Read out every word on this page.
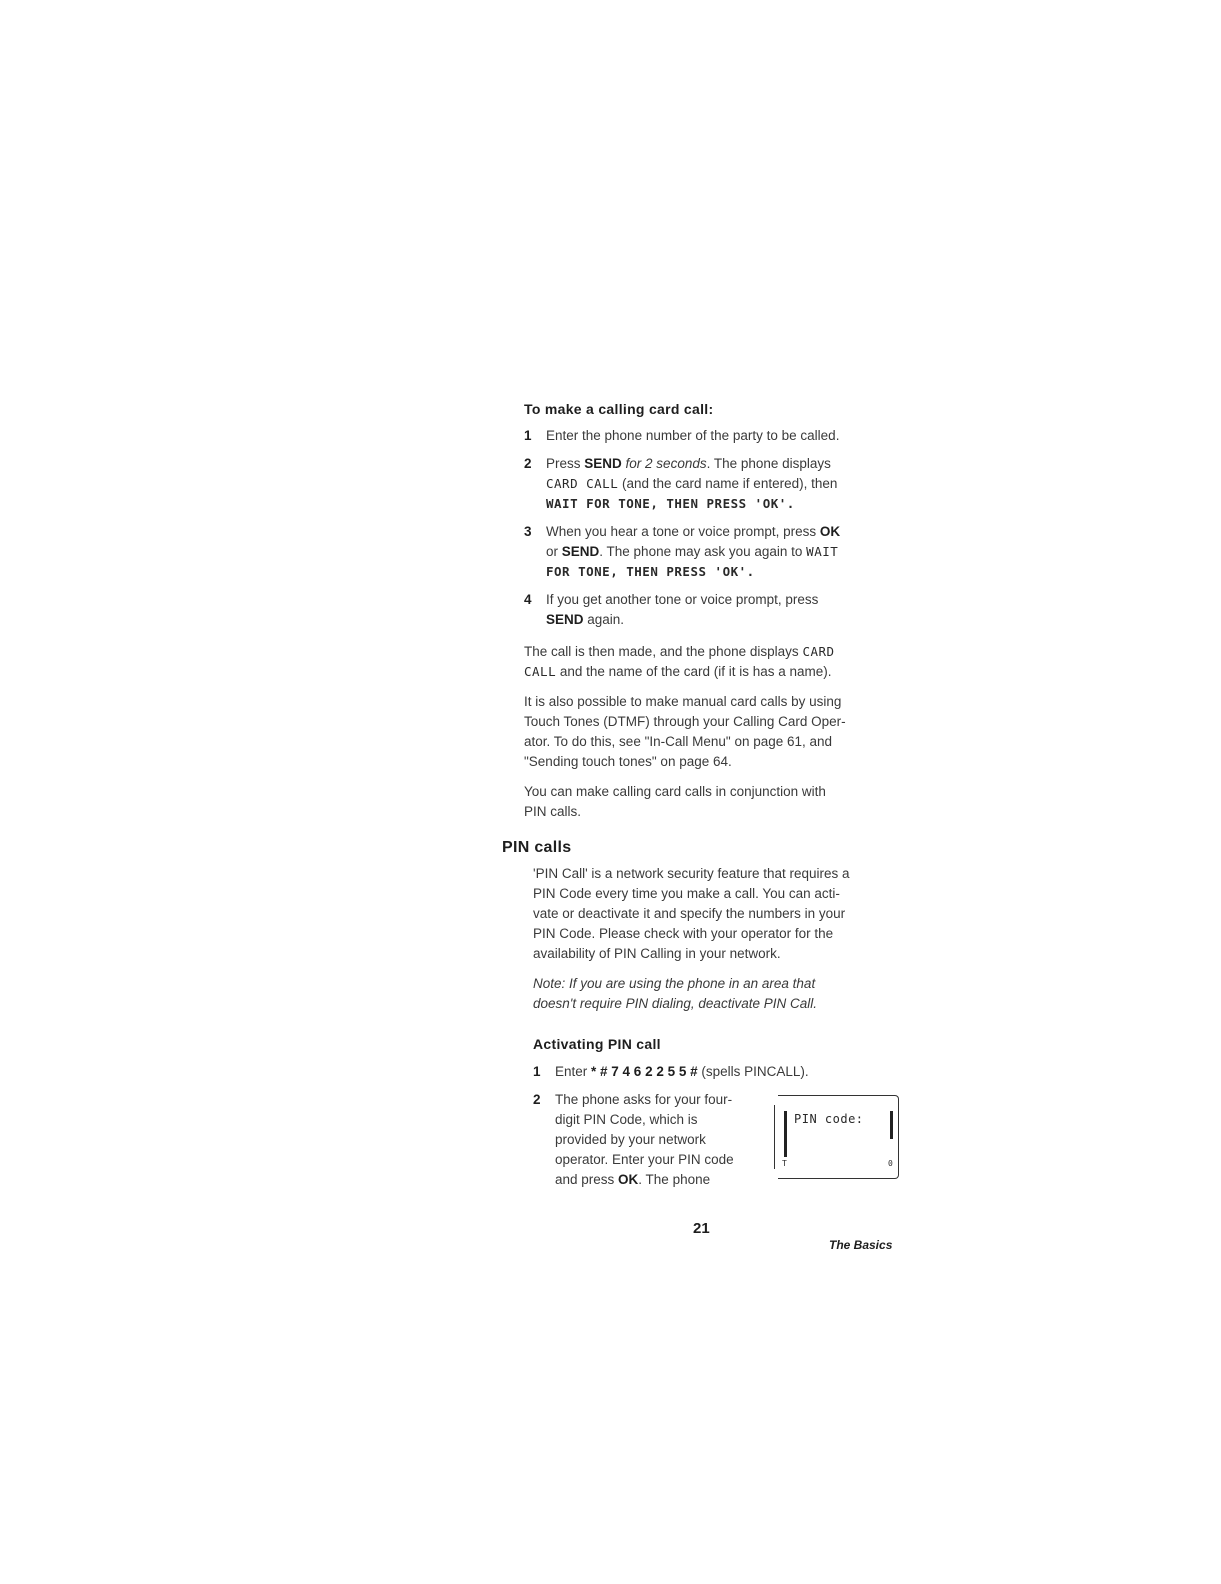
To make a calling card call:
1	Enter the phone number of the party to be called.
2	Press SEND for 2 seconds. The phone displays
CARD CALL (and the card name if entered), then
WAIT FOR TONE, THEN PRESS 'OK'.
3	When you hear a tone or voice prompt, press OK
or SEND. The phone may ask you again to WAIT
FOR TONE, THEN PRESS 'OK'.
4	If you get another tone or voice prompt, press
SEND again.
The call is then made, and the phone displays CARD
CALL and the name of the card (if it is has a name).
It is also possible to make manual card calls by using
Touch Tones (DTMF) through your Calling Card Oper-
ator. To do this, see "In-Call Menu" on page 61, and
"Sending touch tones" on page 64.
You can make calling card calls in conjunction with
PIN calls.
PIN calls
'PIN Call' is a network security feature that requires a
PIN Code every time you make a call. You can acti-
vate or deactivate it and specify the numbers in your
PIN Code. Please check with your operator for the
availability of PIN Calling in your network.
Note: If you are using the phone in an area that
doesn't require PIN dialing, deactivate PIN Call.
Activating PIN call
1	Enter * # 7 4 6 2 2 5 5 # (spells PINCALL).
2	The phone asks for your four-
digit PIN Code, which is
provided by your network
operator. Enter your PIN code
and press OK. The phone
PIN code:
T	0
21
The Basics
